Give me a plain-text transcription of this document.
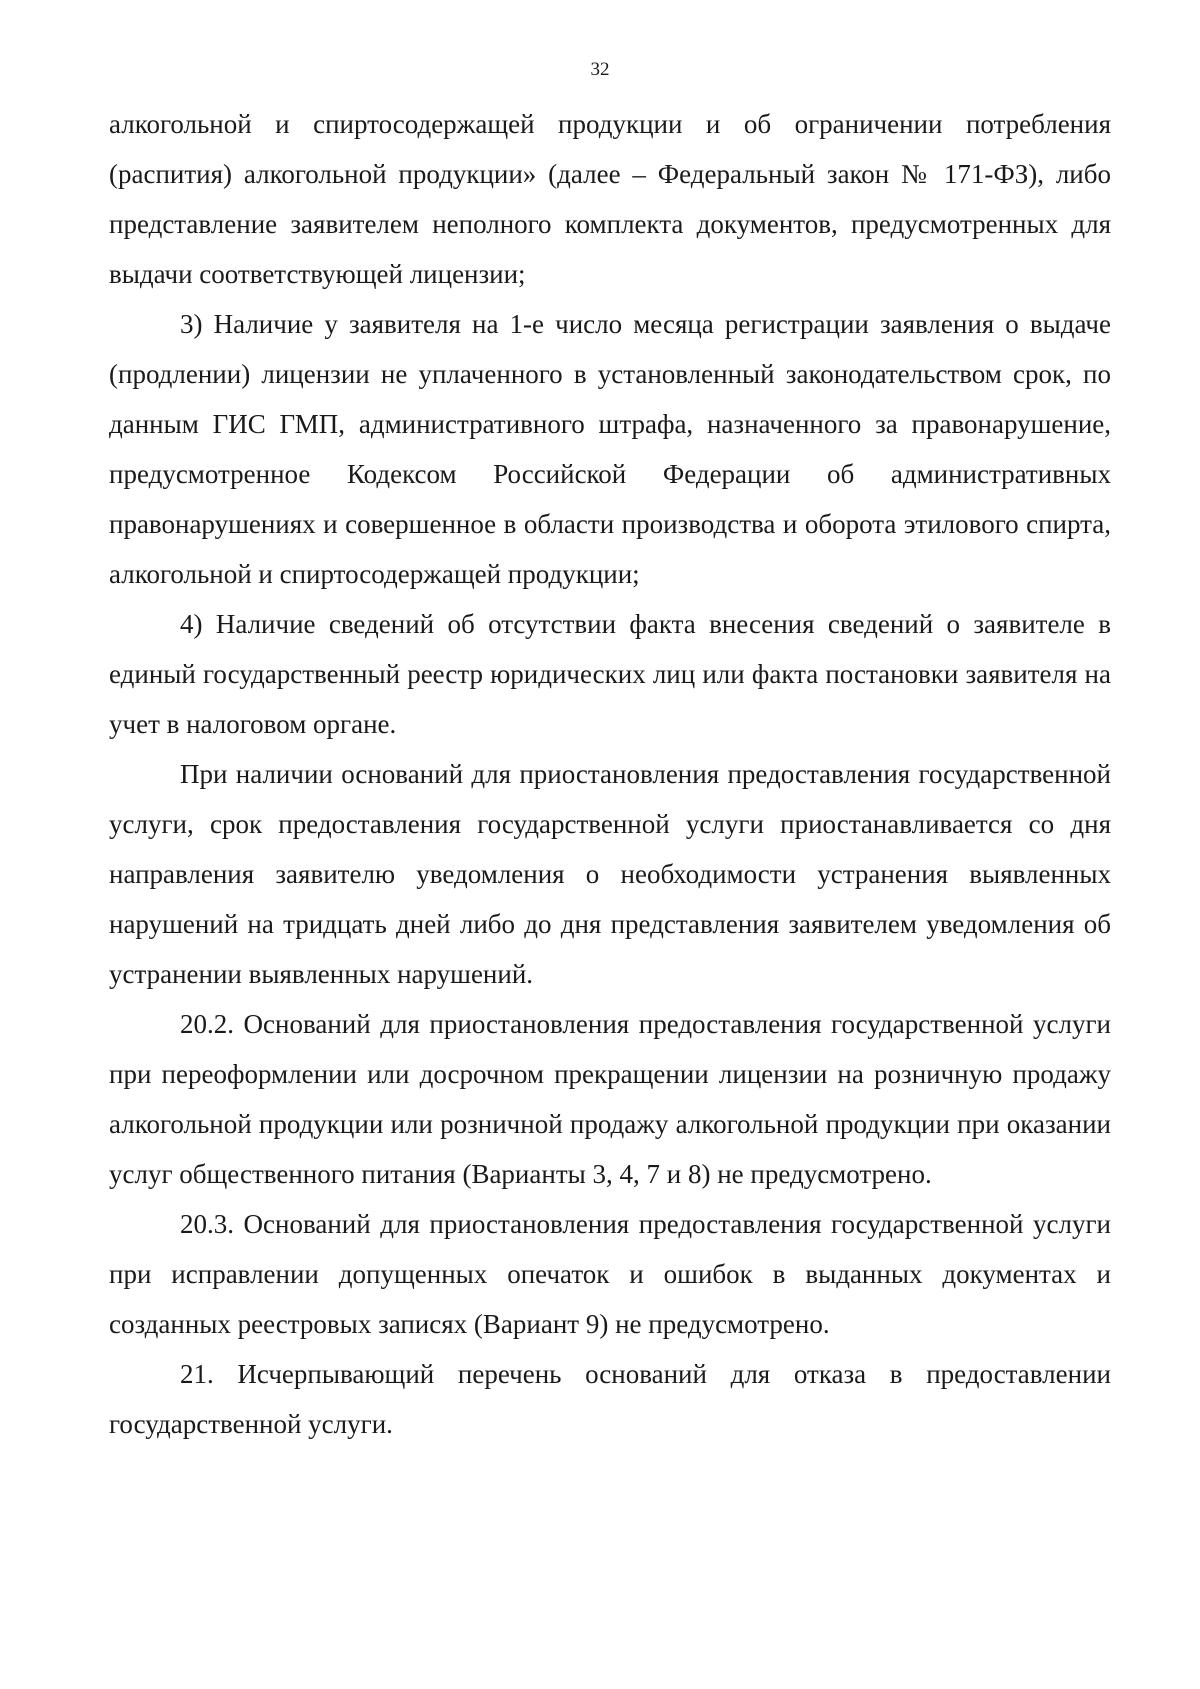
32

алкогольной и спиртосодержащей продукции и об ограничении потребления (распития) алкогольной продукции» (далее – Федеральный закон № 171-ФЗ), либо представление заявителем неполного комплекта документов, предусмотренных для выдачи соответствующей лицензии;

3) Наличие у заявителя на 1-е число месяца регистрации заявления о выдаче (продлении) лицензии не уплаченного в установленный законодательством срок, по данным ГИС ГМП, административного штрафа, назначенного за правонарушение, предусмотренное Кодексом Российской Федерации об административных правонарушениях и совершенное в области производства и оборота этилового спирта, алкогольной и спиртосодержащей продукции;

4) Наличие сведений об отсутствии факта внесения сведений о заявителе в единый государственный реестр юридических лиц или факта постановки заявителя на учет в налоговом органе.

При наличии оснований для приостановления предоставления государственной услуги, срок предоставления государственной услуги приостанавливается со дня направления заявителю уведомления о необходимости устранения выявленных нарушений на тридцать дней либо до дня представления заявителем уведомления об устранении выявленных нарушений.

20.2. Оснований для приостановления предоставления государственной услуги при переоформлении или досрочном прекращении лицензии на розничную продажу алкогольной продукции или розничной продажу алкогольной продукции при оказании услуг общественного питания (Варианты 3, 4, 7 и 8) не предусмотрено.

20.3. Оснований для приостановления предоставления государственной услуги при исправлении допущенных опечаток и ошибок в выданных документах и созданных реестровых записях (Вариант 9) не предусмотрено.

21. Исчерпывающий перечень оснований для отказа в предоставлении государственной услуги.
